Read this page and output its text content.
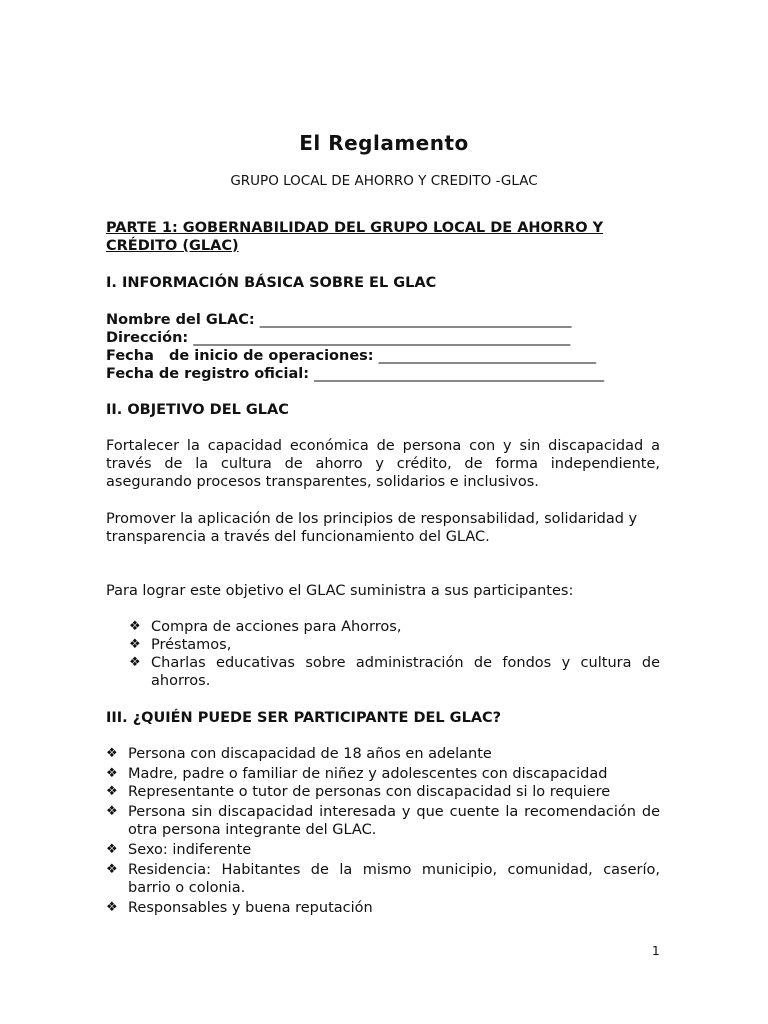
El Reglamento
GRUPO LOCAL DE AHORRO Y CREDITO -GLAC
PARTE 1: GOBERNABILIDAD DEL GRUPO LOCAL DE AHORRO Y CRÉDITO (GLAC)
I. INFORMACIÓN BÁSICA SOBRE EL GLAC
Nombre del GLAC: ___________________________________________
Dirección: ____________________________________________________
Fecha   de inicio de operaciones: ______________________________
Fecha de registro oficial: ________________________________________
II. OBJETIVO DEL GLAC
Fortalecer la capacidad económica de persona con y sin discapacidad a través de la cultura de ahorro y crédito, de forma independiente, asegurando procesos transparentes, solidarios e inclusivos.
Promover la aplicación de los principios de responsabilidad, solidaridad y transparencia a través del funcionamiento del GLAC.
Para lograr este objetivo el GLAC suministra a sus participantes:
❖ Compra de acciones para Ahorros,
❖ Préstamos,
❖ Charlas educativas sobre administración de fondos y cultura de ahorros.
III. ¿QUIÉN PUEDE SER PARTICIPANTE DEL GLAC?
❖ Persona con discapacidad de 18 años en adelante
❖ Madre, padre o familiar de niñez y adolescentes con discapacidad
❖ Representante o tutor de personas con discapacidad si lo requiere
❖ Persona sin discapacidad interesada y que cuente la recomendación de otra persona integrante del GLAC.
❖ Sexo: indiferente
❖ Residencia: Habitantes de la mismo municipio, comunidad, caserío, barrio o colonia.
❖ Responsables y buena reputación
1
